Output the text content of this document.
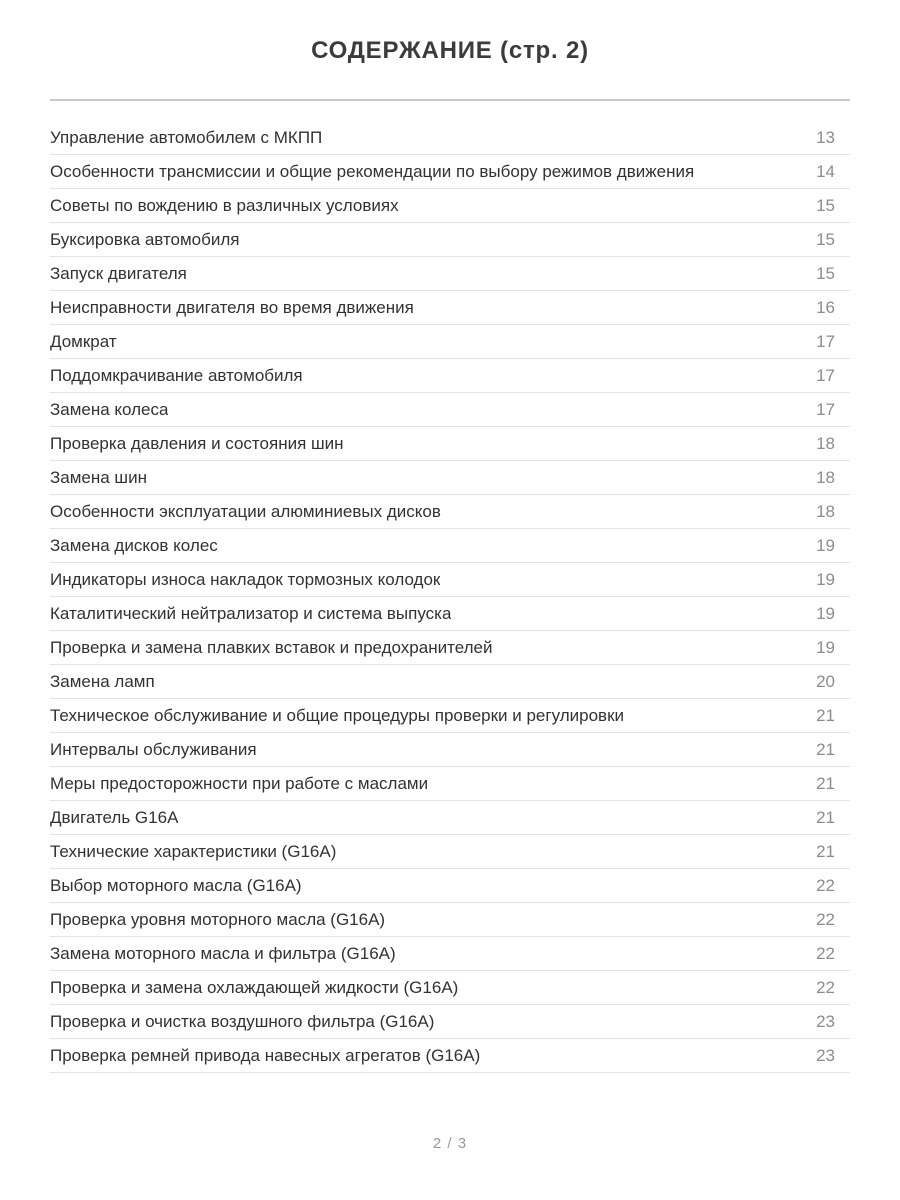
СОДЕРЖАНИЕ (стр. 2)
Управление автомобилем с МКПП	13
Особенности трансмиссии и общие рекомендации по выбору режимов движения	14
Советы по вождению в различных условиях	15
Буксировка автомобиля	15
Запуск двигателя	15
Неисправности двигателя во время движения	16
Домкрат	17
Поддомкрачивание автомобиля	17
Замена колеса	17
Проверка давления и состояния шин	18
Замена шин	18
Особенности эксплуатации алюминиевых дисков	18
Замена дисков колес	19
Индикаторы износа накладок тормозных колодок	19
Каталитический нейтрализатор и система выпуска	19
Проверка и замена плавких вставок и предохранителей	19
Замена ламп	20
Техническое обслуживание и общие процедуры проверки и регулировки	21
Интервалы обслуживания	21
Меры предосторожности при работе с маслами	21
Двигатель G16A	21
Технические характеристики (G16A)	21
Выбор моторного масла (G16A)	22
Проверка уровня моторного масла (G16A)	22
Замена моторного масла и фильтра (G16A)	22
Проверка и замена охлаждающей жидкости (G16A)	22
Проверка и очистка воздушного фильтра (G16A)	23
Проверка ремней привода навесных агрегатов (G16A)	23
2 / 3
